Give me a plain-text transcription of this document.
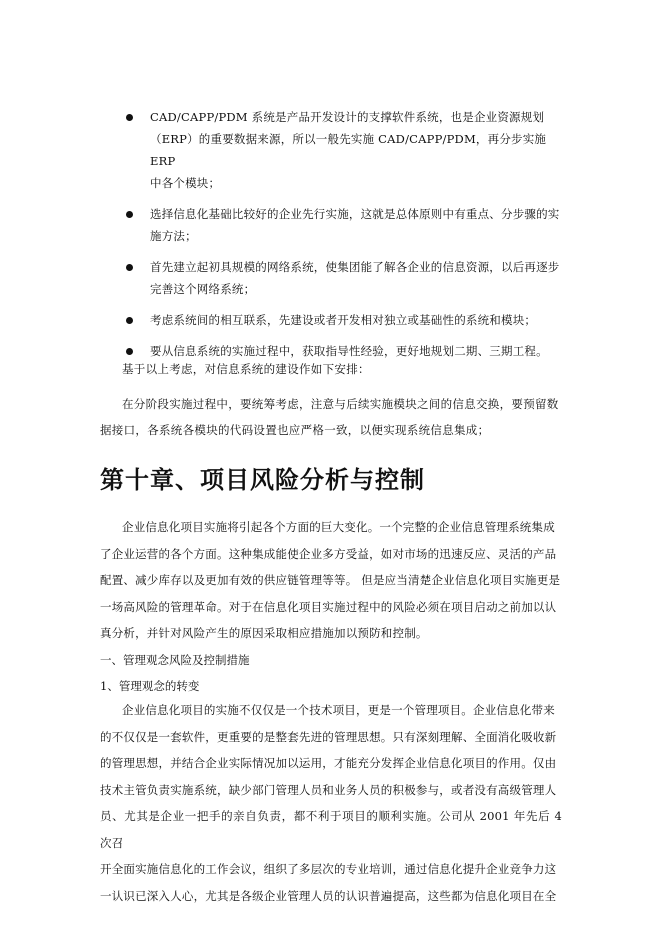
CAD/CAPP/PDM 系统是产品开发设计的支撑软件系统，也是企业资源规划
（ERP）的重要数据来源，所以一般先实施 CAD/CAPP/PDM，再分步实施 ERP
中各个模块；
选择信息化基础比较好的企业先行实施，这就是总体原则中有重点、分步骤的实
施方法；
首先建立起初具规模的网络系统，使集团能了解各企业的信息资源，以后再逐步
完善这个网络系统；
考虑系统间的相互联系，先建设或者开发相对独立或基础性的系统和模块；
要从信息系统的实施过程中，获取指导性经验，更好地规划二期、三期工程。

基于以上考虑，对信息系统的建设作如下安排：

在分阶段实施过程中，要统筹考虑，注意与后续实施模块之间的信息交换，要预留数
据接口，各系统各模块的代码设置也应严格一致，以便实现系统信息集成；
第十章、项目风险分析与控制
企业信息化项目实施将引起各个方面的巨大变化。一个完整的企业信息管理系统集成
了企业运营的各个方面。这种集成能使企业多方受益，如对市场的迅速反应、灵活的产品
配置、减少库存以及更加有效的供应链管理等等。 但是应当清楚企业信息化项目实施更是
一场高风险的管理革命。对于在信息化项目实施过程中的风险必须在项目启动之前加以认
真分析，并针对风险产生的原因采取相应措施加以预防和控制。

一、管理观念风险及控制措施

1、管理观念的转变

企业信息化项目的实施不仅仅是一个技术项目，更是一个管理项目。企业信息化带来
的不仅仅是一套软件，更重要的是整套先进的管理思想。只有深刻理解、全面消化吸收新
的管理思想，并结合企业实际情况加以运用，才能充分发挥企业信息化项目的作用。仅由
技术主管负责实施系统，缺少部门管理人员和业务人员的积极参与，或者没有高级管理人
员、尤其是企业一把手的亲自负责，都不利于项目的顺利实施。公司从 2001 年先后 4 次召
开全面实施信息化的工作会议，组织了多层次的专业培训，通过信息化提升企业竞争力这
一认识已深入人心，尤其是各级企业管理人员的认识普遍提高，这些都为信息化项目在全
